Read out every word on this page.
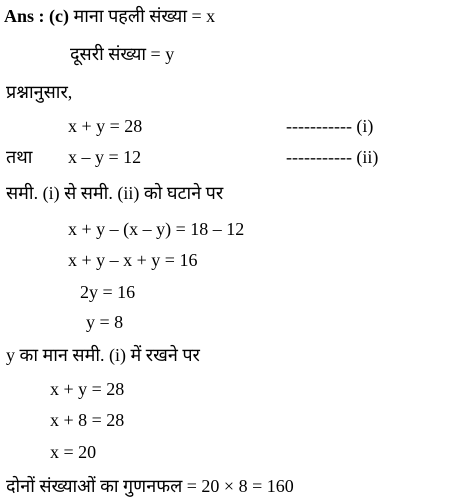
Ans : (c) माना पहली संख्या = x
दूसरी संख्या = y
प्रश्नानुसार,
x + y = 28	----------- (i)
तथा x – y = 12	----------- (ii)
समी. (i) से समी. (ii) को घटाने पर
x + y – (x – y) = 18 – 12
x + y – x + y = 16
2y = 16
y = 8
y का मान समी. (i) में रखने पर
x + y = 28
x + 8 = 28
x = 20
दोनों संख्याओं का गुणनफल = 20 × 8 = 160
